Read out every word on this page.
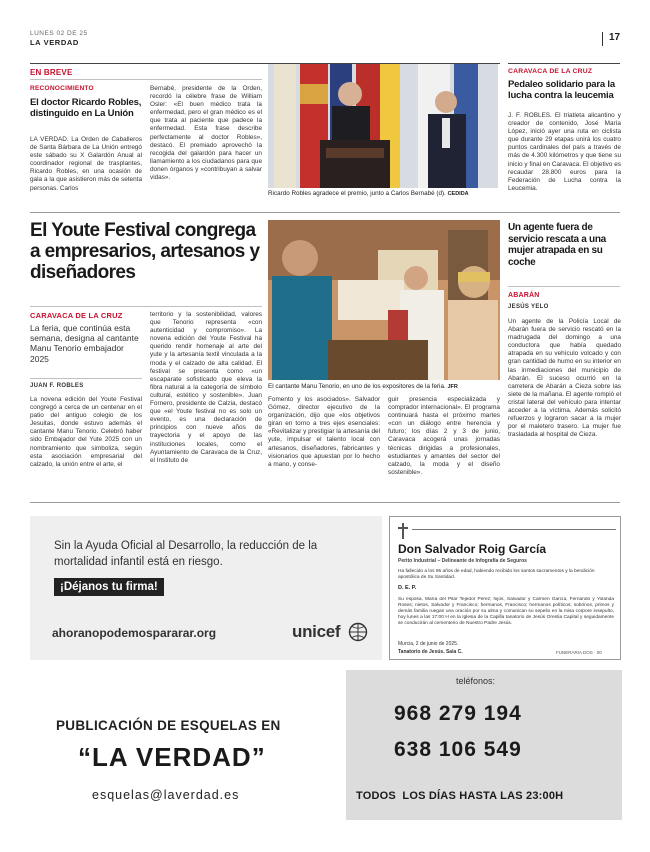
LUNES 02 DE 25
LA VERDAD	17
EN BREVE
RECONOCIMIENTO
El doctor Ricardo Robles, distinguido en La Unión
LA VERDAD. La Orden de Caballeros de Santa Bárbara de La Unión entregó este sábado su X Galardón Anual al coordinador regional de trasplantes, Ricardo Robles, en una ocasión de gala a la que asistieron más de setenta personas. Carlos
Bernabé, presidente de la Orden, recordó la célebre frase de William Osler: «El buen médico trata la enfermedad, pero el gran médico es el que trata al paciente que padece la enfermedad. Esta frase describe perfectamente al doctor Robles», destacó. El premiado aprovechó la recogida del galardón para hacer un llamamiento a los ciudadanos para que donen órganos y «contribuyan a salvar vidas».
Ricardo Robles agradece el premio, junto a Carlos Bernabé (d). CEDIDA
CARAVACA DE LA CRUZ
Pedaleo solidario para la lucha contra la leucemia
J. F. ROBLES. El triatleta alicantino y creador de contenido, José María López, inició ayer una ruta en ciclista que durante 29 etapas unirá los cuatro puntos cardinales del país a través de más de 4.300 kilómetros y que tiene su inicio y final en Caravaca. El objetivo es recaudar 28.800 euros para la Federación de Lucha contra la Leucemia.
El Youte Festival congrega a empresarios, artesanos y diseñadores
CARAVACA DE LA CRUZ
La feria, que continúa esta semana, designa al cantante Manu Tenorio embajador 2025
JUAN F. ROBLES
La novena edición del Youte Festival congregó a cerca de un centenar en el patio del antiguo colegio de los Jesuitas, donde estuvo además el cantante Manu Tenorio. Celebró haber sido Embajador del Yute 2025 con un nombramiento que simboliza, según esta asociación empresarial del calzado, la unión entre el arte, el
territorio y la sostenibilidad, valores que Tenorio representa «con autenticidad y compromiso». La novena edición del Youte Festival ha querido rendir homenaje al arte del yute y la artesanía textil vinculada a la moda y el calzado de alta calidad. El festival se presenta como «un escaparate sofisticado que eleva la fibra natural a la categoría de símbolo cultural, estético y sostenible». Juan Fornero, presidente de Calzia, destacó que «el Youte festival no es solo un evento, es una declaración de principios con nueve años de trayectoria y el apoyo de las instituciones locales, como el Ayuntamiento de Caravaca de la Cruz, el Instituto de
El cantante Manu Tenorio, en uno de los expositores de la feria. JFR
Fomento y los asociados». Salvador Gómez, director ejecutivo de la organización, dijo que «los objetivos giran en torno a tres ejes esenciales: «Revitalizar y prestigiar la artesanía del yute, impulsar el talento local con artesanos, diseñadores, fabricantes y visionarios que apuestan por lo hecho a mano, y conse-
guir presencia especializada y comprador internacional». El programa continuará hasta el próximo martes «con un diálogo entre herencia y futuro; los días 2 y 3 de junio, Caravaca acogerá unas jornadas técnicas dirigidas a profesionales, estudiantes y amantes del sector del calzado, la moda y el diseño sostenible».
Un agente fuera de servicio rescata a una mujer atrapada en su coche
ABARÁN
JESÚS YELO
Un agente de la Policía Local de Abarán fuera de servicio rescató en la madrugada del domingo a una conductora que había quedado atrapada en su vehículo volcado y con gran cantidad de humo en su interior en las inmediaciones del municipio de Abarán. El suceso ocurrió en la carretera de Abarán a Cieza sobre las siete de la mañana. El agente rompió el cristal lateral del vehículo para intentar acceder a la víctima. Además solicitó refuerzos y lograron sacar a la mujer por el maletero trasero. La mujer fue trasladada al hospital de Cieza.
Sin la Ayuda Oficial al Desarrollo, la reducción de la
mortalidad infantil está en riesgo.
¡Déjanos tu firma!
ahoranopodemospararar.org	unicef
Don Salvador Roig García
Perito Industrial – Delineante de Infografía de Seguros
Ha fallecido a los 95 años de edad, habiendo recibido los santos sacramentos y la bendición apostólica de Su Santidad.
D. E. P.
Su esposa, María del Pilar Tejedor Pérez; hijos, Salvador y Carmen García, Fernando y Yolanda Roses; nietos, Salvador y Francisco; hermanos, Francisco; hermanos políticos; sobrinos, primos y demás familia ruegan una oración por su alma y comunican su sepelio en la misa corpore insepulto, hoy lunes a las 17:00 H en la Iglesia de la Capilla tanatorio de Jesús Orestia Capital y seguidamente se conducirán al cementerio de Nuestro Padre Jesús.
Murcia, 2 de junio de 2025.
Tanatorio de Jesús. Sala C.	FUNERARIA DOS · 00
PUBLICACIÓN DE ESQUELAS EN
“LA VERDAD”
esquelas@laverdad.es
teléfonos:
968 279 194
638 106 549
TODOS  LOS DÍAS HASTA LAS 23:00H
